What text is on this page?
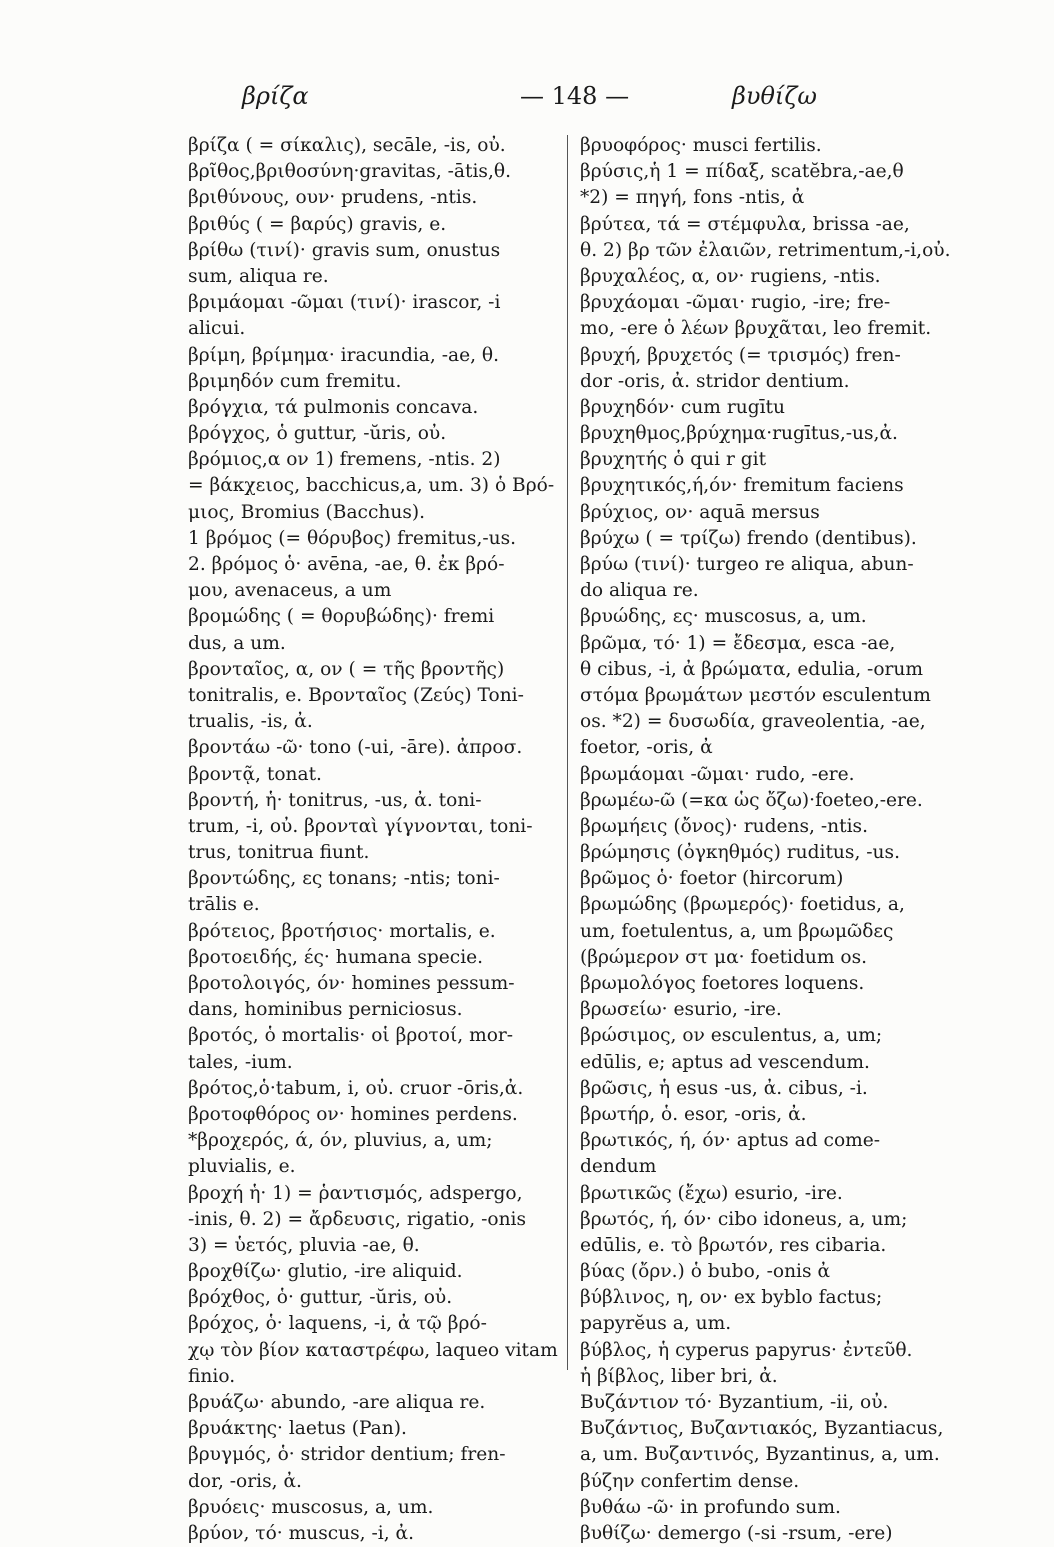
βρίζα	— 148 —	βυθίζω
βρίζα ( = σίκαλις), secāle, -is, οὐ.
βρῖθος,βριθοσύνη·gravitas, -ātis,θ.
βριθύνους, ουν· prudens, -ntis.
βριθύς ( = βαρύς) gravis, e.
βρίθω (τινί)· gravis sum, onustus
sum, aliqua re.
βριμάομαι -ῶμαι (τινί)· irascor, -i
alicui.
βρίμη, βρίμημα· iracundia, -ae, θ.
βριμηδόν cum fremitu.
βρόγχια, τά pulmonis concava.
βρόγχος, ὁ guttur, -ŭris, οὐ.
βρόμιος,α ον 1) fremens, -ntis. 2)
= βάκχειος, bacchicus,a, um. 3) ὁ Βρό-
μιος, Bromius (Bacchus).
1 βρόμος (= θόρυβος) fremitus,-us.
2. βρόμος ὁ· avēna, -ae, θ. ἐκ βρό-
μου, avenaceus, a um
βρομώδης ( = θορυβώδης)· fremi
dus, a um.
βρονταῖος, α, ον ( = τῆς βροντῆς)
tonitralis, e. Βρονταῖος (Ζεύς) Toni-
trualis, -is, ἀ.
βροντάω -ῶ· tono (-ui, -āre). ἀπρoσ.
βροντᾷ, tonat.
βροντή, ἡ· tonitrus, -us, ἀ. toni-
trum, -i, οὐ. βρονταὶ γίγνονται, toni-
trus, tonitrua fiunt.
βροντώδης, ες tonans; -ntis; toni-
trālis e.
βρότειος, βροτήσιος· mortalis, e.
βροτοειδής, ές· humana specie.
βροτολοιγός, όν· homines pessum-
dans, hominibus perniciosus.
βροτός, ὁ mortalis· οἱ βροτοί, mor-
tales, -ium.
βρότος,ὁ·tabum, i, οὐ. cruor -ōris,ἀ.
βροτοφθόρος ον· homines perdens.
*βροχερός, ά, όν, pluvius, a, um;
pluvialis, e.
βροχή ἡ· 1) = ῥαντισμός, adspergo,
-inis, θ. 2) = ἄρδευσις, rigatio, -onis
3) = ὑετός, pluvia -ae, θ.
βροχθίζω· glutio, -ire aliquid.
βρόχθος, ὁ· guttur, -ŭris, οὐ.
βρόχος, ὁ· laquens, -i, ἀ τῷ βρό-
χῳ τὸν βίον καταστρέφω, laqueo vitam
finio.
βρυάζω· abundo, -are aliqua re.
βρυάκτης· laetus (Pan).
βρυγμός, ὁ· stridor dentium; fren-
dor, -oris, ἀ.
βρυόεις· muscosus, a, um.
βρύον, τό· muscus, -i, ἀ.
βρυοφόρος· musci fertilis.
βρύσις,ἡ 1 = πίδαξ, scatĕbra,-ae,θ
*2) = πηγή, fons -ntis, ἀ
βρύτεα, τά = στέμφυλα, brissa -ae,
θ. 2) βρ τῶν ἐλαιῶν, retrimentum,-i,οὐ.
βρυχαλέος, α, ον· rugiens, -ntis.
βρυχάομαι -ῶμαι· rugio, -ire; fre-
mo, -ere ὁ λέων βρυχᾶται, leo fremit.
βρυχή, βρυχετός (= τρισμός) fren-
dor -oris, ἀ. stridor dentium.
βρυχηδόν· cum rugītu
βρυχηθμος,βρύχημα·rugītus,-us,ἀ.
βρυχητής ὁ qui r git
βρυχητικός,ή,όν· fremitum faciens
βρύχιος, ον· aquā mersus
βρύχω ( = τρίζω) frendo (dentibus).
βρύω (τινί)· turgeo re aliqua, abun-
do aliqua re.
βρυώδης, ες· muscosus, a, um.
βρῶμα, τό· 1) = ἔδεσμα, esca -ae,
θ cibus, -i, ἀ βρώματα, edulia, -orum
στόμα βρωμάτων μεστόν esculentum
os. *2) = δυσωδία, graveolentia, -ae,
foetor, -oris, ἀ
βρωμάομαι -ῶμαι· rudo, -ere.
βρωμέω-ῶ (=κα ὡς ὄζω)·foeteo,-ere.
βρωμήεις (ὄνος)· rudens, -ntis.
βρώμησις (ὀγκηθμός) ruditus, -us.
βρῶμος ὁ· foetor (hircorum)
βρωμώδης (βρωμερός)· foetidus, a,
um, foetulentus, a, um βρωμῶδες
(βρώμερον στ μα· foetidum os.
βρωμολόγος foetores loquens.
βρωσείω· esurio, -ire.
βρώσιμος, ον esculentus, a, um;
edūlis, e; aptus ad vescendum.
βρῶσις, ἡ esus -us, ἀ. cibus, -i.
βρωτήρ, ὁ. esor, -oris, ἀ.
βρωτικός, ή, όν· aptus ad come-
dendum
βρωτικῶς (ἔχω) esurio, -ire.
βρωτός, ή, όν· cibo idoneus, a, um;
edūlis, e. τὸ βρωτόν, res cibaria.
βύας (ὄρν.) ὁ bubo, -onis ἀ
βύβλινος, η, ον· ex byblo factus;
papyrĕus a, um.
βύβλος, ἡ cyperus papyrus· ἐντεῦθ.
ἡ βίβλος, liber bri, ἀ.
Βυζάντιον τό· Byzantium, -ii, οὐ.
Βυζάντιος, Βυζαντιακός, Byzantiacus,
a, um. Βυζαντινός, Byzantinus, a, um.
βύζην confertim dense.
βυθάω -ῶ· in profundo sum.
βυθίζω· demergo (-si -rsum, -ere)
